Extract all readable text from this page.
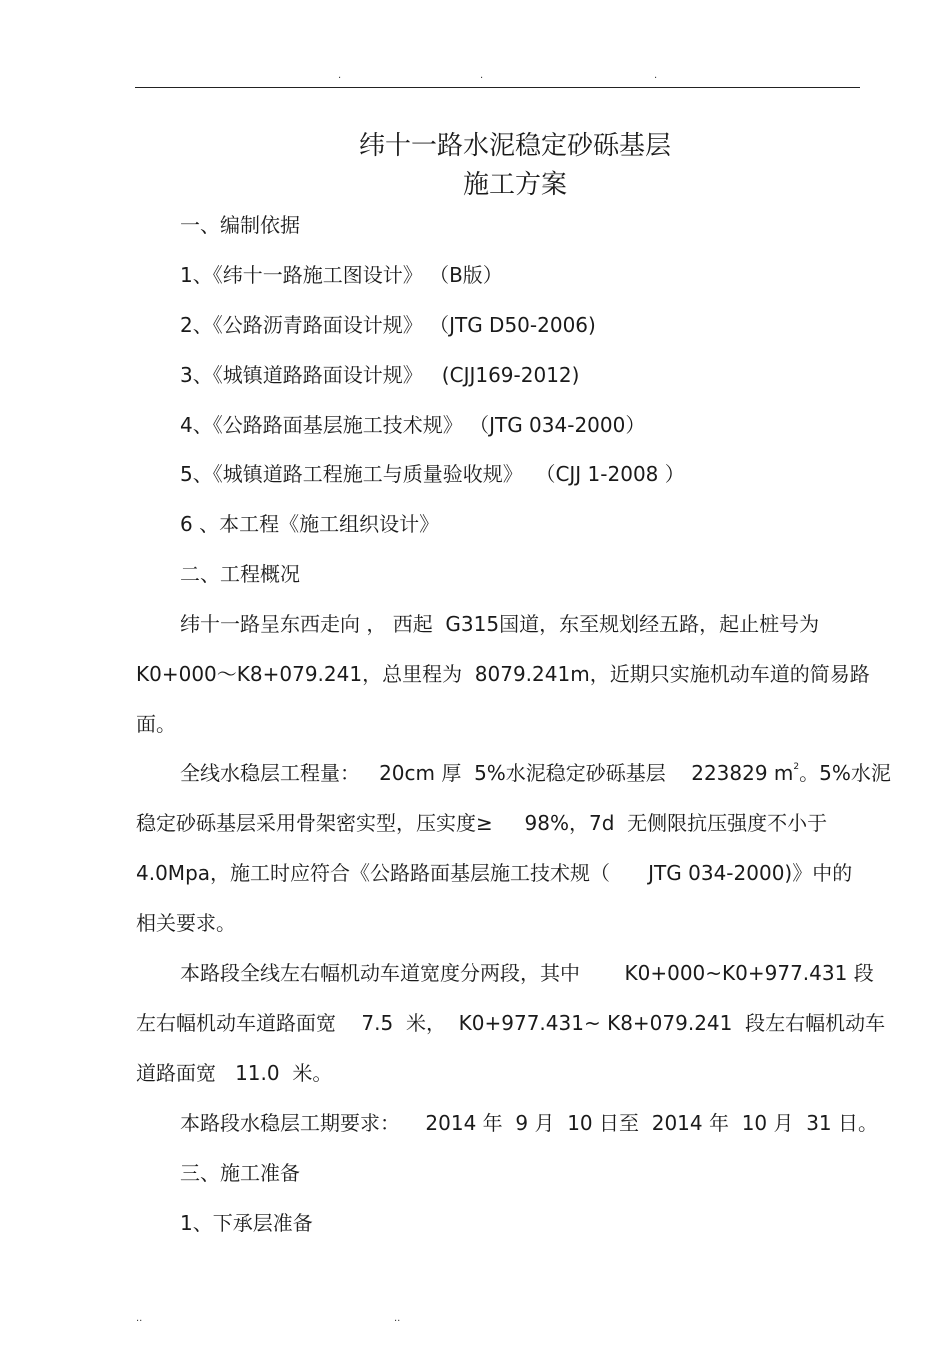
.	.	.
纬十一路水泥稳定砂砾基层
施工方案

一、编制依据

1、《纬十一路施工图设计》 （B版）

2、《公路沥青路面设计规》 （JTG D50-2006)

3、《城镇道路路面设计规》   (CJJ169-2012)

4、《公路路面基层施工技术规》 （JTG 034-2000）

5、《城镇道路工程施工与质量验收规》  （CJJ 1-2008 ）

6 、本工程《施工组织设计》

二、工程概况

纬十一路呈东西走向 ， 西起  G315国道，东至规划经五路，起止桩号为

K0+000～K8+079.241，总里程为  8079.241m，近期只实施机动车道的简易路

面。

全线水稳层工程量：   20cm 厚  5%水泥稳定砂砾基层    223829 $m^2$。5%水泥

稳定砂砾基层采用骨架密实型，压实度≥     98%，7d  无侧限抗压强度不小于

4.0Mpa，施工时应符合《公路路面基层施工技术规（      JTG 034-2000)》中的

相关要求。

本路段全线左右幅机动车道宽度分两段，其中       K0+000~K0+977.431 段

左右幅机动车道路面宽    7.5  米，  K0+977.431~ K8+079.241  段左右幅机动车

道路面宽   11.0  米。

本路段水稳层工期要求：    2014 年  9 月  10 日至  2014 年  10 月  31 日。

三、施工准备

1、下承层准备

..	..
